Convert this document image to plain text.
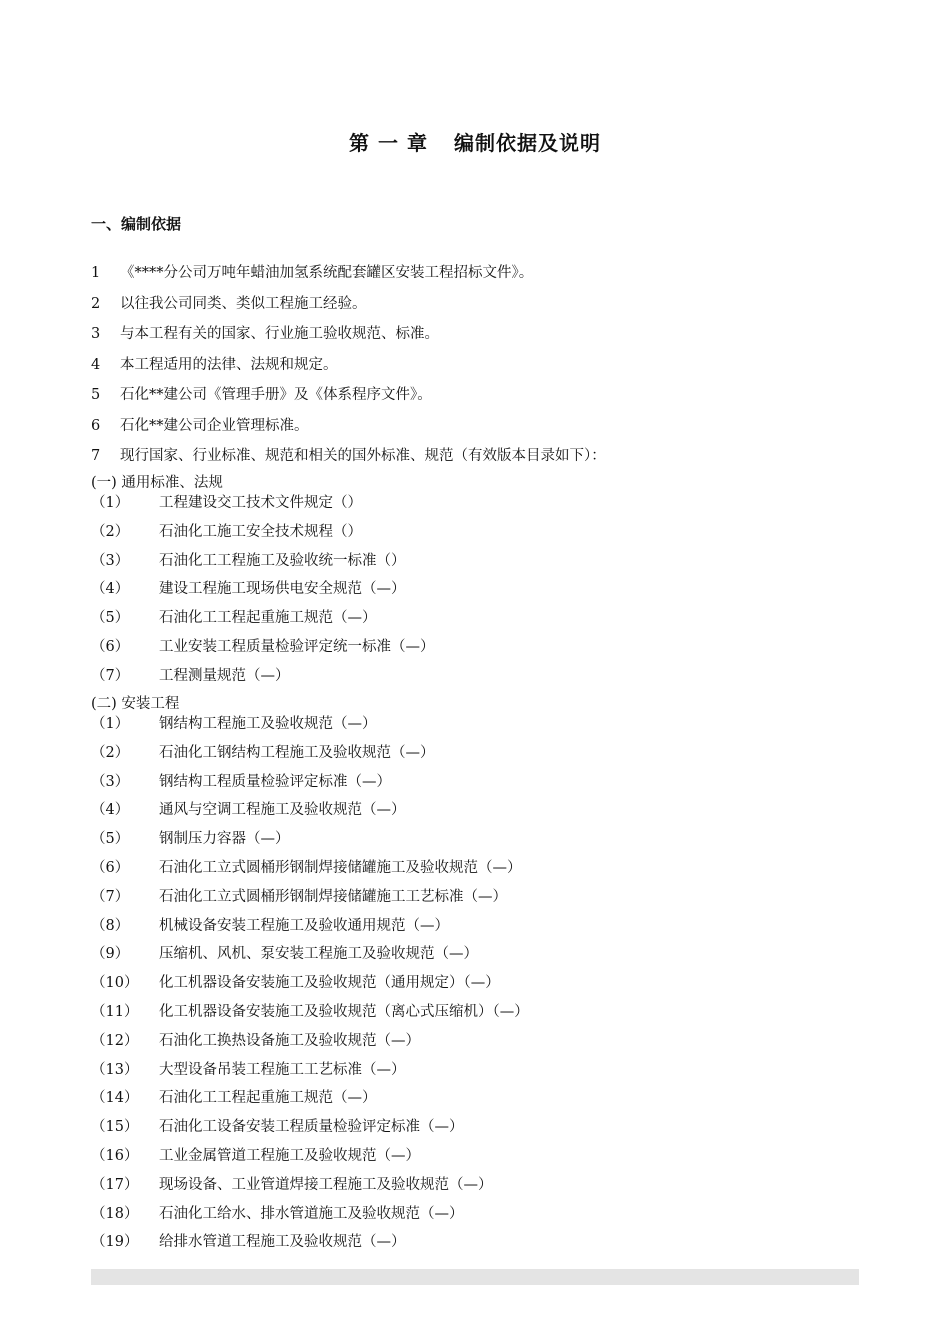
第 一 章 编制依据及说明
一、编制依据
1 《****分公司万吨年蜡油加氢系统配套罐区安装工程招标文件》。
2 以往我公司同类、类似工程施工经验。
3 与本工程有关的国家、行业施工验收规范、标准。
4 本工程适用的法律、法规和规定。
5 石化**建公司《管理手册》及《体系程序文件》。
6 石化**建公司企业管理标准。
7 现行国家、行业标准、规范和相关的国外标准、规范（有效版本目录如下）：
(一) 通用标准、法规
（1） 工程建设交工技术文件规定（）
（2） 石油化工施工安全技术规程（）
（3） 石油化工工程施工及验收统一标准（）
（4） 建设工程施工现场供电安全规范（—）
（5） 石油化工工程起重施工规范（—）
（6） 工业安装工程质量检验评定统一标准（—）
（7） 工程测量规范（—）
(二) 安装工程
（1） 钢结构工程施工及验收规范（—）
（2） 石油化工钢结构工程施工及验收规范（—）
（3） 钢结构工程质量检验评定标准（—）
（4） 通风与空调工程施工及验收规范（—）
（5） 钢制压力容器（—）
（6） 石油化工立式圆桶形钢制焊接储罐施工及验收规范（—）
（7） 石油化工立式圆桶形钢制焊接储罐施工工艺标准（—）
（8） 机械设备安装工程施工及验收通用规范（—）
（9） 压缩机、风机、泵安装工程施工及验收规范（—）
（10） 化工机器设备安装施工及验收规范（通用规定）（—）
（11） 化工机器设备安装施工及验收规范（离心式压缩机）（—）
（12） 石油化工换热设备施工及验收规范（—）
（13） 大型设备吊装工程施工工艺标准（—）
（14） 石油化工工程起重施工规范（—）
（15） 石油化工设备安装工程质量检验评定标准（—）
（16） 工业金属管道工程施工及验收规范（—）
（17） 现场设备、工业管道焊接工程施工及验收规范（—）
（18） 石油化工给水、排水管道施工及验收规范（—）
（19） 给排水管道工程施工及验收规范（—）
